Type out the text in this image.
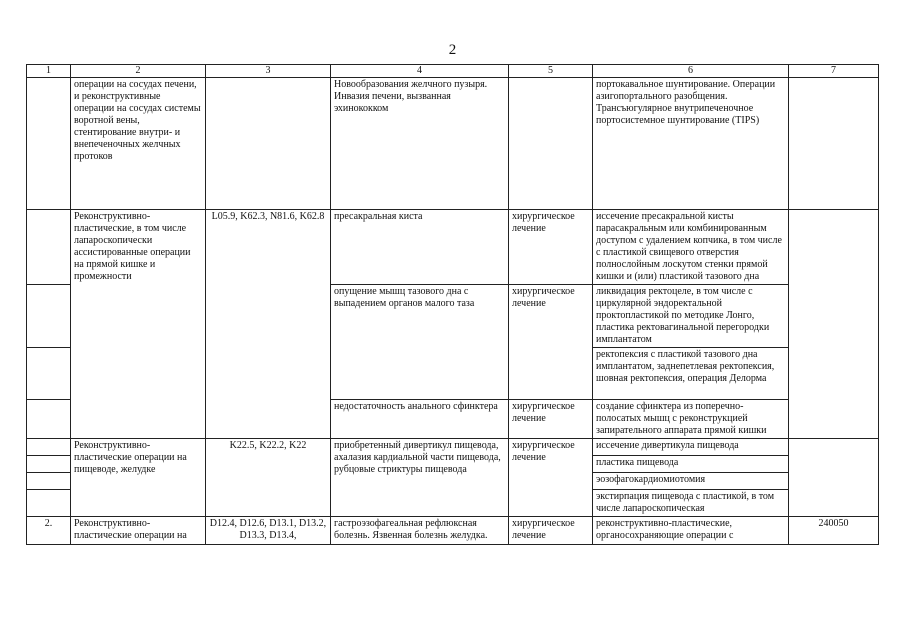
2
1	2	3	4	5	6	7
	операции на сосудах печени, и реконструктивные операции на сосудах системы воротной вены, стентирование внутри- и внепеченочных желчных протоков		Новообразования желчного пузыря. Инвазия печени, вызванная эхинококком		портокавальное шунтирование. Операции азигопортального разобщения. Трансъюгулярное внутрипеченочное портосистемное шунтирование (TIPS)	
	Реконструктивно-пластические, в том числе лапароскопически ассистированные операции на прямой кишке и промежности	L05.9, K62.3, N81.6, K62.8	пресакральная киста	хирургическое лечение	иссечение пресакральной кисты парасакральным или комбинированным доступом с удалением копчика, в том числе с пластикой свищевого отверстия полнослойным лоскутом стенки прямой кишки и (или) пластикой тазового дна	
			опущение мышц тазового дна с выпадением органов малого таза	хирургическое лечение	ликвидация ректоцеле, в том числе с циркулярной эндоректальной проктопластикой по методике Лонго, пластика ректовагинальной перегородки имплантатом	
					ректопексия с пластикой тазового дна имплантатом, заднепетлевая ректопексия, шовная ректопексия, операция Делорма	
			недостаточность анального сфинктера	хирургическое лечение	создание сфинктера из поперечно-полосатых мышц с реконструкцией запирательного аппарата прямой кишки	
	Реконструктивно-пластические операции на пищеводе, желудке	K22.5, K22.2, K22	приобретенный дивертикул пищевода, ахалазия кардиальной части пищевода, рубцовые стриктуры пищевода	хирургическое лечение	иссечение дивертикула пищевода	
					пластика пищевода	
					эозофагокардиомиотомия	
					экстирпация пищевода с пластикой, в том числе лапароскопическая	
2.	Реконструктивно-пластические операции на	D12.4, D12.6, D13.1, D13.2, D13.3, D13.4,	гастроэзофагеальная рефлюксная болезнь. Язвенная болезнь желудка.	хирургическое лечение	реконструктивно-пластические, органосохраняющие операции с	240050
